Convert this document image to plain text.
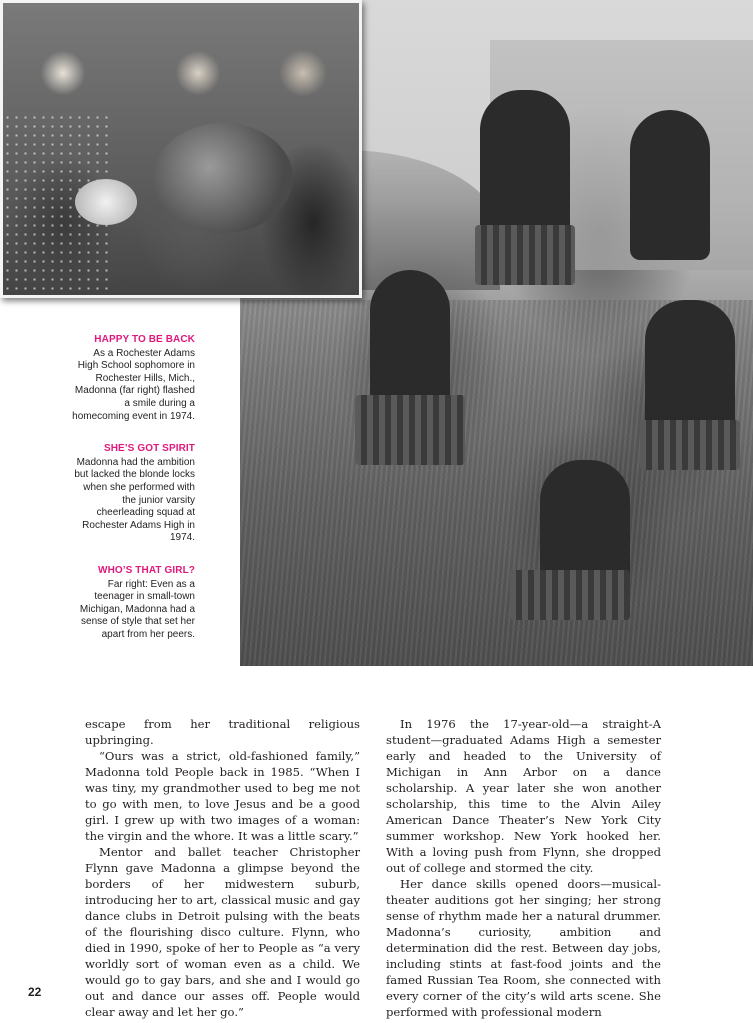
HAPPY TO BE BACK
As a Rochester Adams High School sophomore in Rochester Hills, Mich., Madonna (far right) flashed a smile during a homecoming event in 1974.
SHE’S GOT SPIRIT
Madonna had the ambition but lacked the blonde locks when she performed with the junior varsity cheerleading squad at Rochester Adams High in 1974.
WHO’S THAT GIRL?
Far right: Even as a teenager in small-town Michigan, Madonna had a sense of style that set her apart from her peers.

escape from her traditional religious upbringing.

“Ours was a strict, old-fashioned family,” Madonna told People back in 1985. “When I was tiny, my grandmother used to beg me not to go with men, to love Jesus and be a good girl. I grew up with two images of a woman: the virgin and the whore. It was a little scary.”

Mentor and ballet teacher Christopher Flynn gave Madonna a glimpse beyond the borders of her midwestern suburb, introducing her to art, classical music and gay dance clubs in Detroit pulsing with the beats of the flourishing disco culture. Flynn, who died in 1990, spoke of her to People as “a very worldly sort of woman even as a child. We would go to gay bars, and she and I would go out and dance our asses off. People would clear away and let her go.”

In 1976 the 17-year-old—a straight-A student—graduated Adams High a semester early and headed to the University of Michigan in Ann Arbor on a dance scholarship. A year later she won another scholarship, this time to the Alvin Ailey American Dance Theater’s New York City summer workshop. New York hooked her. With a loving push from Flynn, she dropped out of college and stormed the city.

Her dance skills opened doors—musical-theater auditions got her singing; her strong sense of rhythm made her a natural drummer. Madonna’s curiosity, ambition and determination did the rest. Between day jobs, including stints at fast-food joints and the famed Russian Tea Room, she connected with every corner of the city’s wild arts scene. She performed with professional modern

22
